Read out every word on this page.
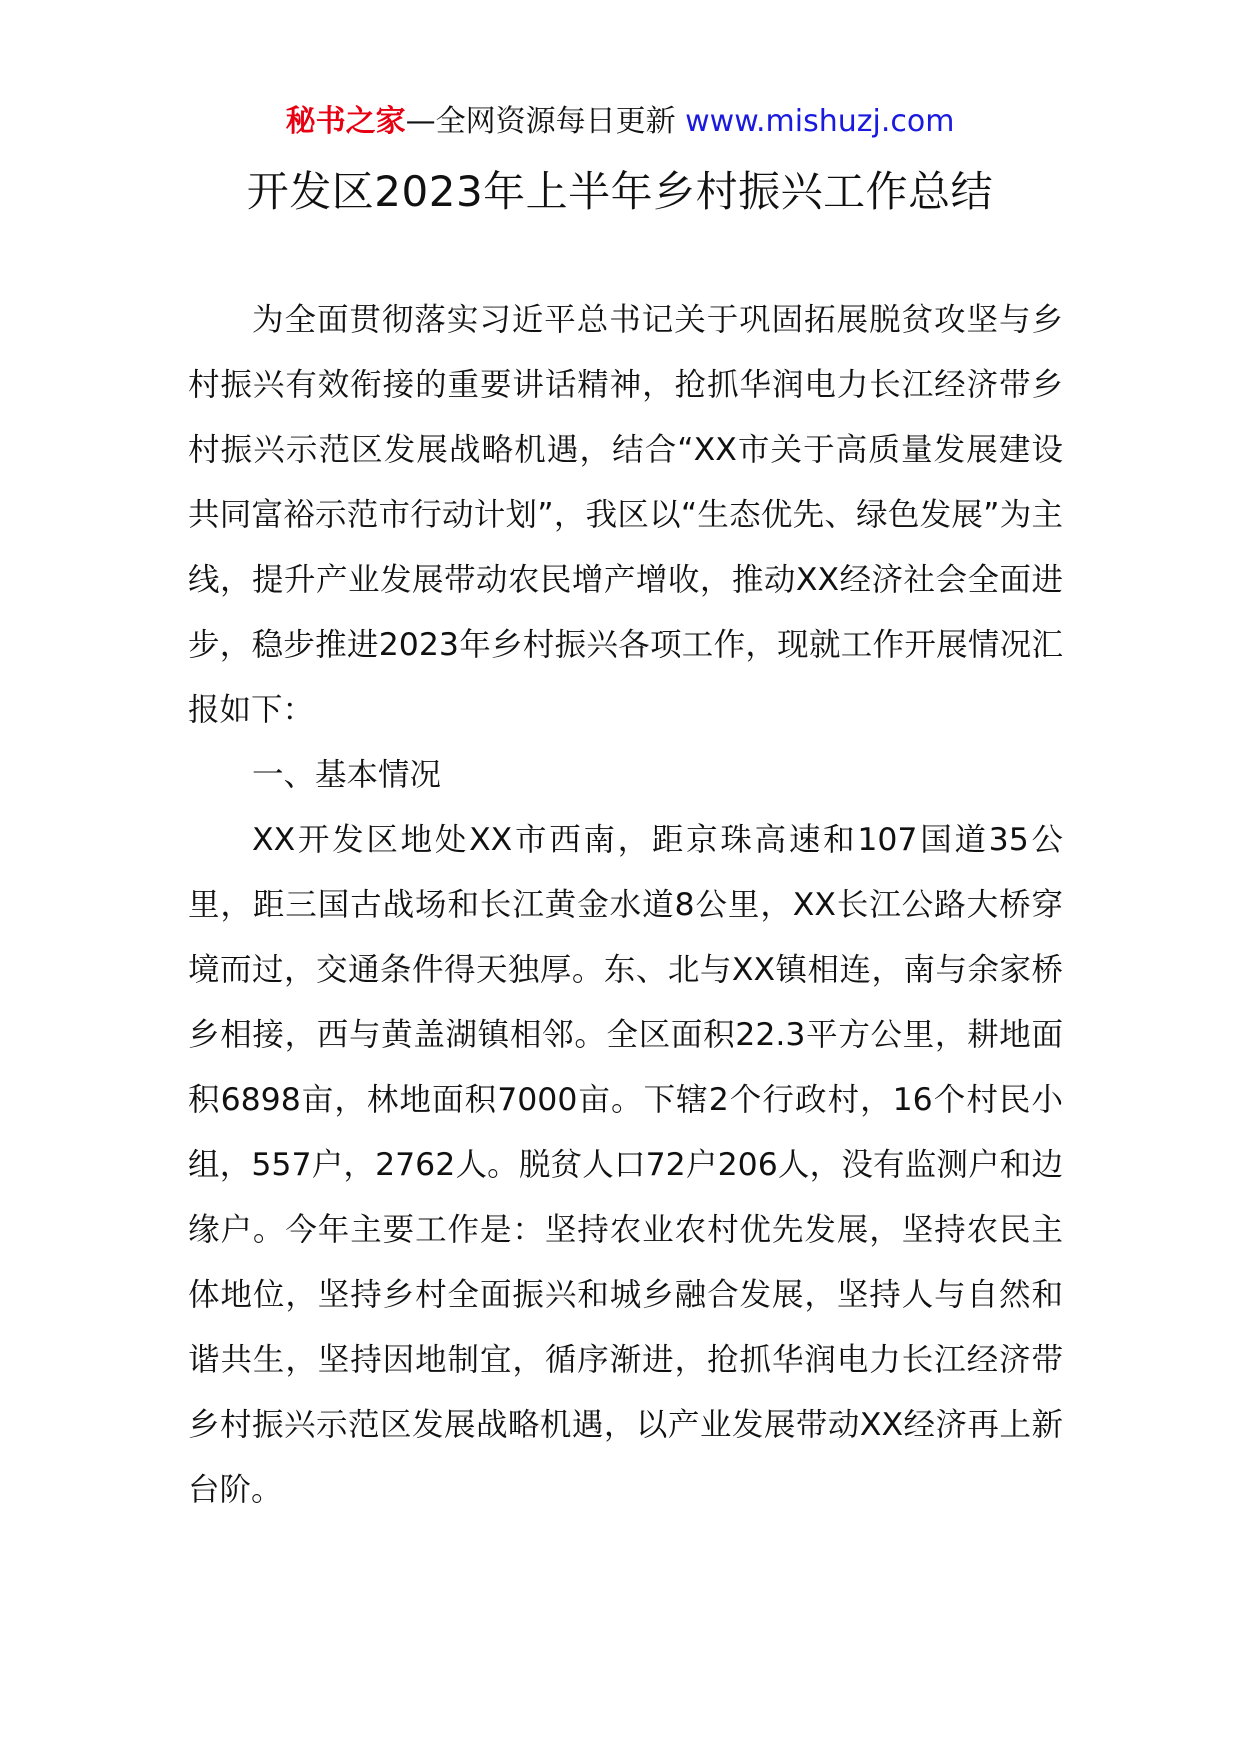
秘书之家—全网资源每日更新 www.mishuzj.com
开发区2023年上半年乡村振兴工作总结

为全面贯彻落实习近平总书记关于巩固拓展脱贫攻坚与乡村振兴有效衔接的重要讲话精神，抢抓华润电力长江经济带乡村振兴示范区发展战略机遇，结合“XX市关于高质量发展建设共同富裕示范市行动计划”，我区以“生态优先、绿色发展”为主线，提升产业发展带动农民增产增收，推动XX经济社会全面进步，稳步推进2023年乡村振兴各项工作，现就工作开展情况汇报如下：

一、基本情况

XX开发区地处XX市西南，距京珠高速和107国道35公里，距三国古战场和长江黄金水道8公里，XX长江公路大桥穿境而过，交通条件得天独厚。东、北与XX镇相连，南与余家桥乡相接，西与黄盖湖镇相邻。全区面积22.3平方公里，耕地面积6898亩，林地面积7000亩。下辖2个行政村，16个村民小组，557户，2762人。脱贫人口72户206人，没有监测户和边缘户。今年主要工作是：坚持农业农村优先发展，坚持农民主体地位，坚持乡村全面振兴和城乡融合发展，坚持人与自然和谐共生，坚持因地制宜，循序渐进，抢抓华润电力长江经济带乡村振兴示范区发展战略机遇，以产业发展带动XX经济再上新台阶。
